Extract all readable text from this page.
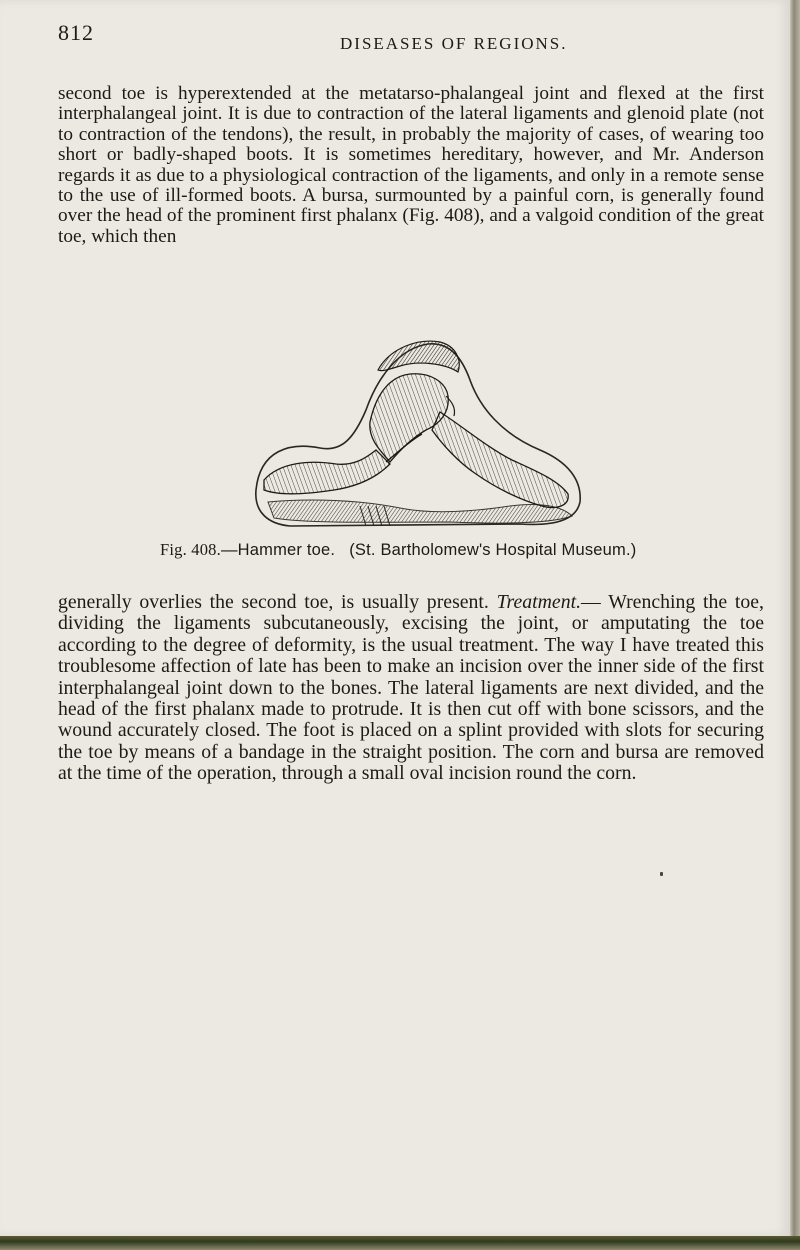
812	DISEASES OF REGIONS.

second toe is hyperextended at the metatarso-phalangeal joint and flexed at the first interphalangeal joint. It is due to contraction of the lateral ligaments and glenoid plate (not to contraction of the tendons), the result, in probably the majority of cases, of wearing too short or badly-shaped boots. It is sometimes hereditary, however, and Mr. Anderson regards it as due to a physiological contraction of the ligaments, and only in a remote sense to the use of ill-formed boots. A bursa, surmounted by a painful corn, is generally found over the head of the prominent first phalanx (Fig. 408), and a valgoid condition of the great toe, which then

Fig. 408.—Hammer toe. (St. Bartholomew's Hospital Museum.)

generally overlies the second toe, is usually present. Treatment.— Wrenching the toe, dividing the ligaments subcutaneously, excising the joint, or amputating the toe according to the degree of deformity, is the usual treatment. The way I have treated this troublesome affection of late has been to make an incision over the inner side of the first interphalangeal joint down to the bones. The lateral ligaments are next divided, and the head of the first phalanx made to protrude. It is then cut off with bone scissors, and the wound accurately closed. The foot is placed on a splint provided with slots for securing the toe by means of a bandage in the straight position. The corn and bursa are removed at the time of the operation, through a small oval incision round the corn.
